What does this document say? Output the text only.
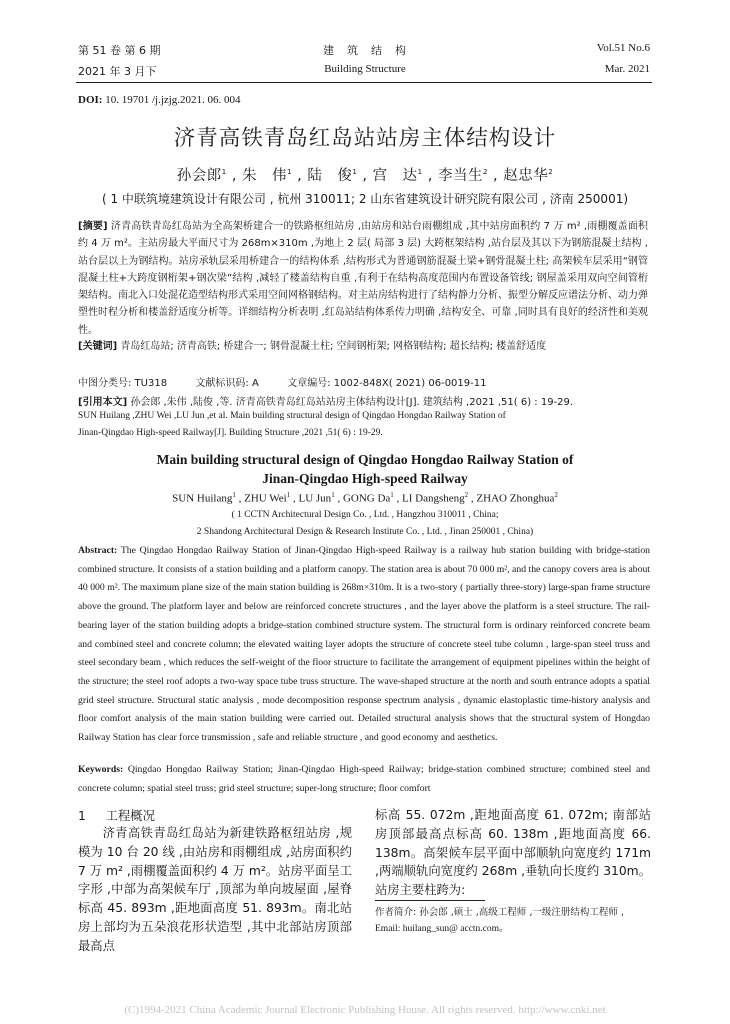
第 51 卷 第 6 期
2021 年 3 月下
建　筑　结　构
Building Structure
Vol.51 No.6
Mar. 2021
DOI: 10. 19701 /j.jzjg.2021. 06. 004
济青高铁青岛红岛站站房主体结构设计
孙会郎$^1$ , 朱　伟$^1$ , 陆　俊$^1$ , 宫　达$^1$ , 李当生$^2$ , 赵忠华$^2$
( 1 中联筑境建筑设计有限公司 , 杭州 310011; 2 山东省建筑设计研究院有限公司 , 济南 250001)
[摘要] 济青高铁青岛红岛站为全高架桥建合一的铁路枢纽站房 ,由站房和站台雨棚组成 ,其中站房面积约 7 万 m² ,雨棚覆盖面积约 4 万 m²。主站房最大平面尺寸为 268m×310m ,为地上 2 层( 局部 3 层) 大跨框架结构 ,站台层及其以下为钢筋混凝土结构 ,站台层以上为钢结构。站房承轨层采用桥建合一的结构体系 ,结构形式为普通钢筋混凝土梁+钢骨混凝土柱; 高架候车层采用“钢管混凝土柱+大跨度钢桁架+钢次梁”结构 ,减轻了楼盖结构自重 ,有利于在结构高度范围内布置设备管线; 钢屋盖采用双向空间管桁架结构。南北入口处混花造型结构形式采用空间网格钢结构。对主站房结构进行了结构静力分析、振型分解反应谱法分析、动力弹塑性时程分析和楼盖舒适度分析等。详细结构分析表明 ,红岛站结构体系传力明确 ,结构安全、可靠 ,同时具有良好的经济性和美观性。
[关键词] 青岛红岛站; 济青高铁; 桥建合一; 钢骨混凝土柱; 空间钢桁架; 网格钢结构; 超长结构; 楼盖舒适度
中图分类号: TU318	文献标识码: A	文章编号: 1002-848X( 2021) 06-0019-11
[引用本文] 孙会郎 ,朱伟 ,陆俊 ,等. 济青高铁青岛红岛站站房主体结构设计[J]. 建筑结构 ,2021 ,51( 6) : 19-29.
SUN Huilang ,ZHU Wei ,LU Jun ,et al. Main building structural design of Qingdao Hongdao Railway Station of
Jinan-Qingdao High-speed Railway[J]. Building Structure ,2021 ,51( 6) : 19-29.
Main building structural design of Qingdao Hongdao Railway Station of
Jinan-Qingdao High-speed Railway
SUN Huilang$^1$ , ZHU Wei$^1$ , LU Jun$^1$ , GONG Da$^1$ , LI Dangsheng$^2$ , ZHAO Zhonghua$^2$
( 1 CCTN Architectural Design Co. , Ltd. , Hangzhou 310011 , China;
2 Shandong Architectural Design & Research Institute Co. , Ltd. , Jinan 250001 , China)
Abstract: The Qingdao Hongdao Railway Station of Jinan-Qingdao High-speed Railway is a railway hub station building with bridge-station combined structure. It consists of a station building and a platform canopy. The station area is about 70 000 m², and the canopy covers area is about 40 000 m². The maximum plane size of the main station building is 268m×310m. It is a two-story ( partially three-story) large-span frame structure above the ground. The platform layer and below are reinforced concrete structures , and the layer above the platform is a steel structure. The rail-bearing layer of the station building adopts a bridge-station combined structure system. The structural form is ordinary reinforced concrete beam and combined steel and concrete column; the elevated waiting layer adopts the structure of concrete steel tube column , large-span steel truss and steel secondary beam , which reduces the self-weight of the floor structure to facilitate the arrangement of equipment pipelines within the height of the structure; the steel roof adopts a two-way space tube truss structure. The wave-shaped structure at the north and south entrance adopts a spatial grid steel structure. Structural static analysis , mode decomposition response spectrum analysis , dynamic elastoplastic time-history analysis and floor comfort analysis of the main station building were carried out. Detailed structural analysis shows that the structural system of Hongdao Railway Station has clear force transmission , safe and reliable structure , and good economy and aesthetics.
Keywords: Qingdao Hongdao Railway Station; Jinan-Qingdao High-speed Railway; bridge-station combined structure; combined steel and concrete column; spatial steel truss; grid steel structure; super-long structure; floor comfort
1 工程概况
济青高铁青岛红岛站为新建铁路枢纽站房 ,规模为 10 台 20 线 ,由站房和雨棚组成 ,站房面积约 7 万 m² ,雨棚覆盖面积约 4 万 m²。站房平面呈工字形 ,中部为高架候车厅 ,顶部为单向坡屋面 ,屋脊标高 45. 893m ,距地面高度 51. 893m。南北站房上部均为五朵浪花形状造型 ,其中北部站房顶部最高点
标高 55. 072m ,距地面高度 61. 072m; 南部站房顶部最高点标高 60. 138m ,距地面高度 66. 138m。高架候车层平面中部顺轨向宽度约 171m ,两端顺轨向宽度约 268m ,垂轨向长度约 310m。站房主要柱跨为:
作者简介: 孙会郎 ,硕士 ,高级工程师 ,一级注册结构工程师 ,
Email: huilang_sun@ acctn.com。
(C)1994-2021 China Academic Journal Electronic Publishing House. All rights reserved. http://www.cnki.net
